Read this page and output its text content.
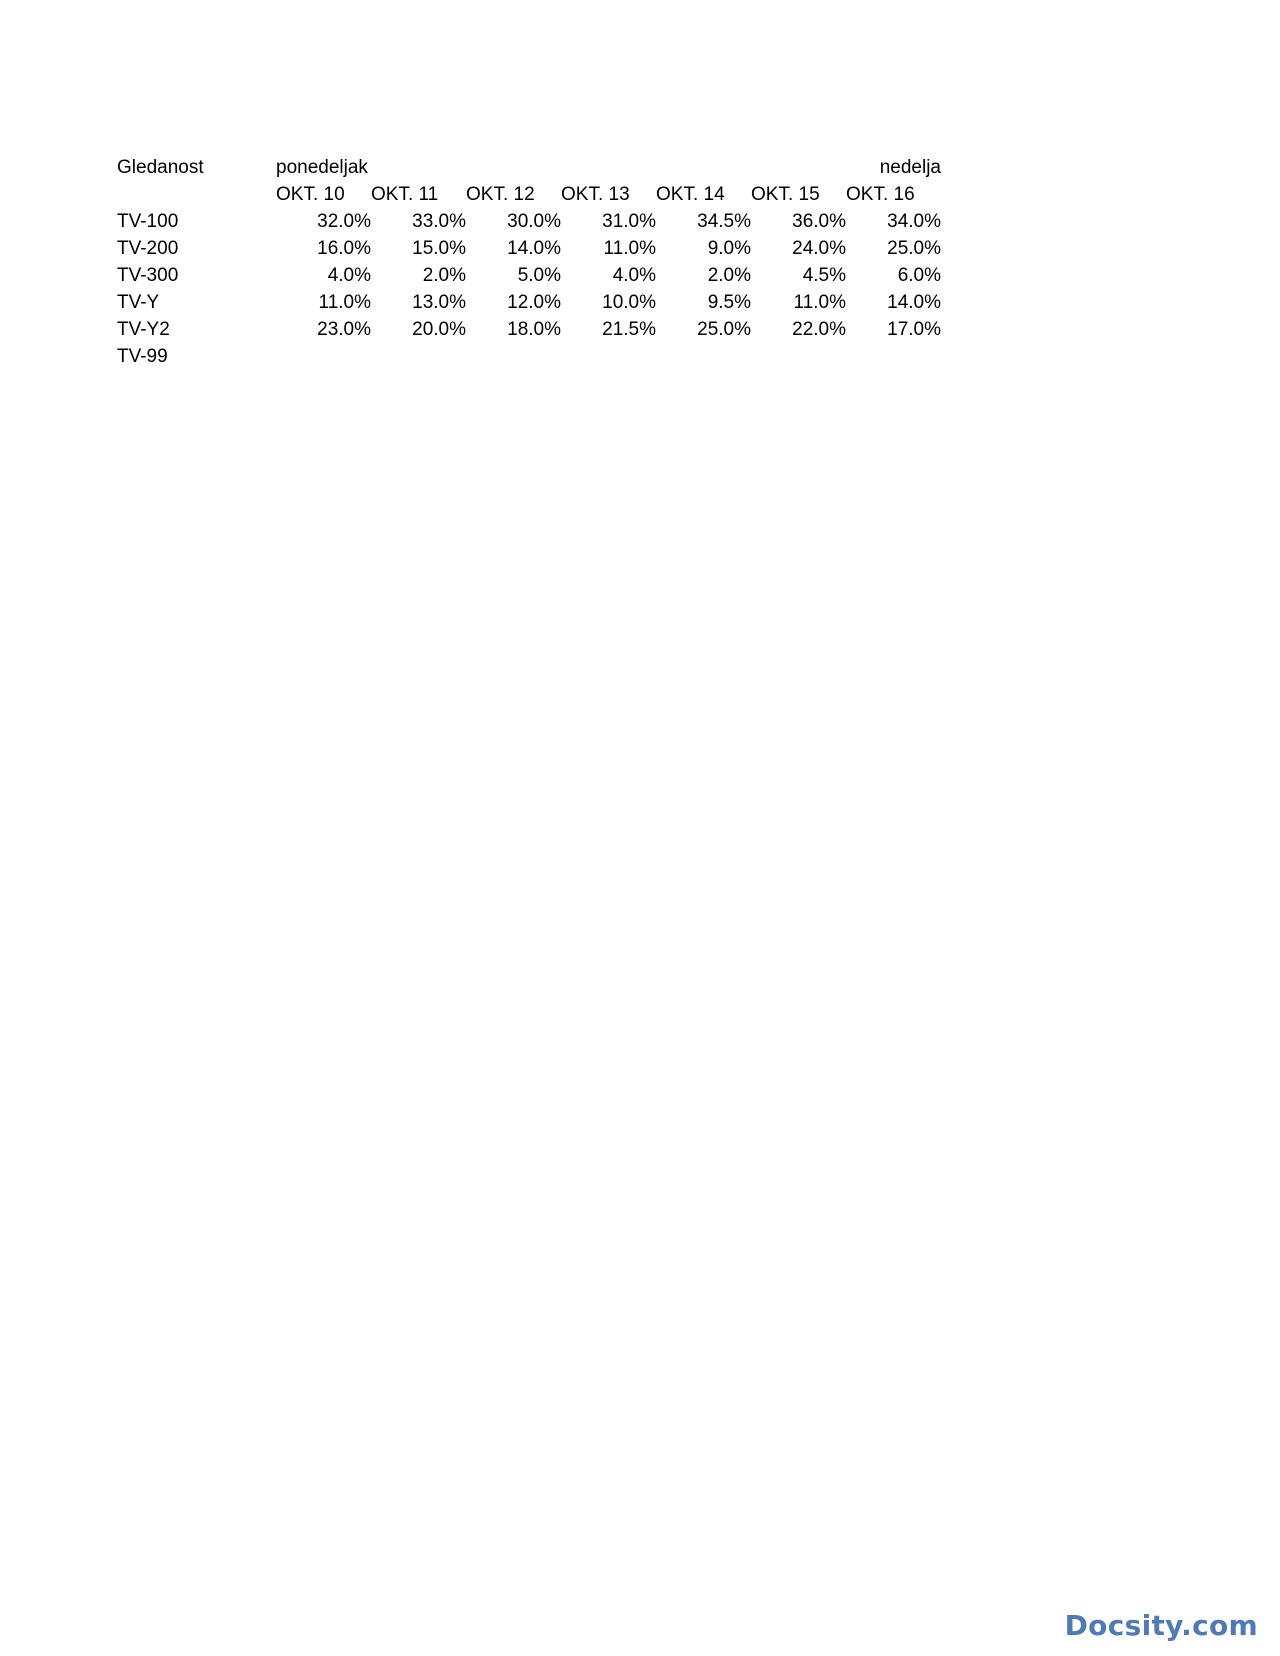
Gledanost	ponedeljak						nedelja
	OKT. 10	OKT. 11	OKT. 12	OKT. 13	OKT. 14	OKT. 15	OKT. 16
TV-100	32.0%	33.0%	30.0%	31.0%	34.5%	36.0%	34.0%
TV-200	16.0%	15.0%	14.0%	11.0%	9.0%	24.0%	25.0%
TV-300	4.0%	2.0%	5.0%	4.0%	2.0%	4.5%	6.0%
TV-Y	11.0%	13.0%	12.0%	10.0%	9.5%	11.0%	14.0%
TV-Y2	23.0%	20.0%	18.0%	21.5%	25.0%	22.0%	17.0%
TV-99							
Docsity.com
